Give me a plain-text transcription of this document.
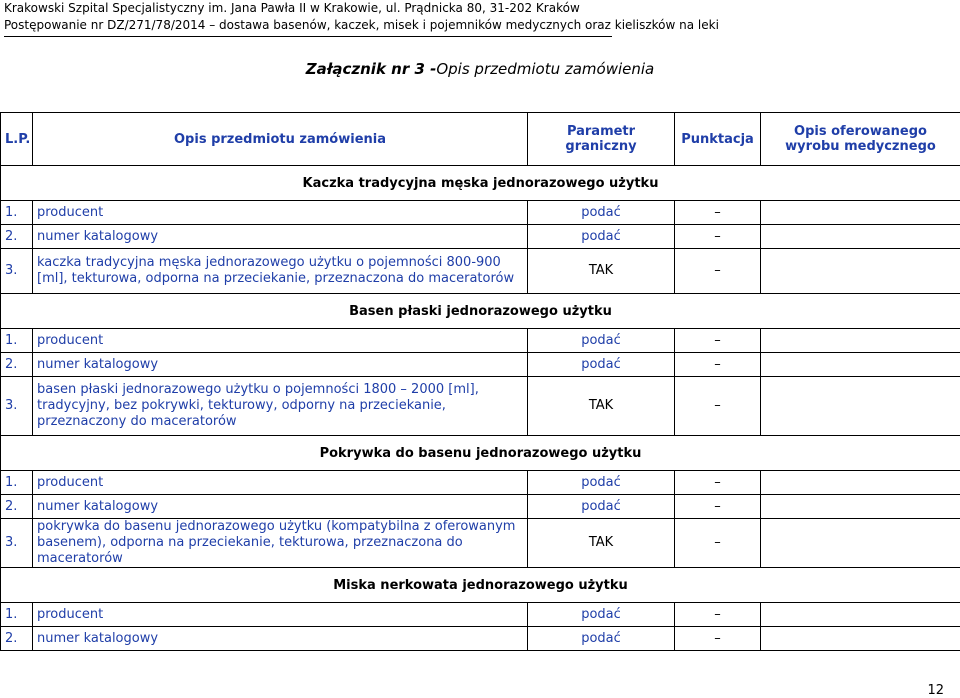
Krakowski Szpital Specjalistyczny im. Jana Pawła II w Krakowie, ul. Prądnicka 80, 31-202 Kraków
Postępowanie nr DZ/271/78/2014 – dostawa basenów, kaczek, misek i pojemników medycznych oraz kieliszków na leki
Załącznik nr 3 -Opis przedmiotu zamówienia
L.P.	Opis przedmiotu zamówienia	Parametr graniczny	Punktacja	Opis oferowanego wyrobu medycznego
Kaczka tradycyjna męska jednorazowego użytku				
1.	producent	podać	–	
2.	numer katalogowy	podać	–	
3.	kaczka tradycyjna męska jednorazowego użytku o pojemności 800-900 [ml], tekturowa, odporna na przeciekanie, przeznaczona do maceratorów	TAK	–	
Basen płaski jednorazowego użytku				
1.	producent	podać	–	
2.	numer katalogowy	podać	–	
3.	basen płaski jednorazowego użytku o pojemności 1800 – 2000 [ml], tradycyjny, bez pokrywki, tekturowy, odporny na przeciekanie, przeznaczony do maceratorów	TAK	–	
Pokrywka do basenu jednorazowego użytku				
1.	producent	podać	–	
2.	numer katalogowy	podać	–	
3.	pokrywka do basenu jednorazowego użytku (kompatybilna z oferowanym basenem), odporna na przeciekanie, tekturowa, przeznaczona do maceratorów	TAK	–	
Miska nerkowata jednorazowego użytku				
1.	producent	podać	–	
2.	numer katalogowy	podać	–	
12
